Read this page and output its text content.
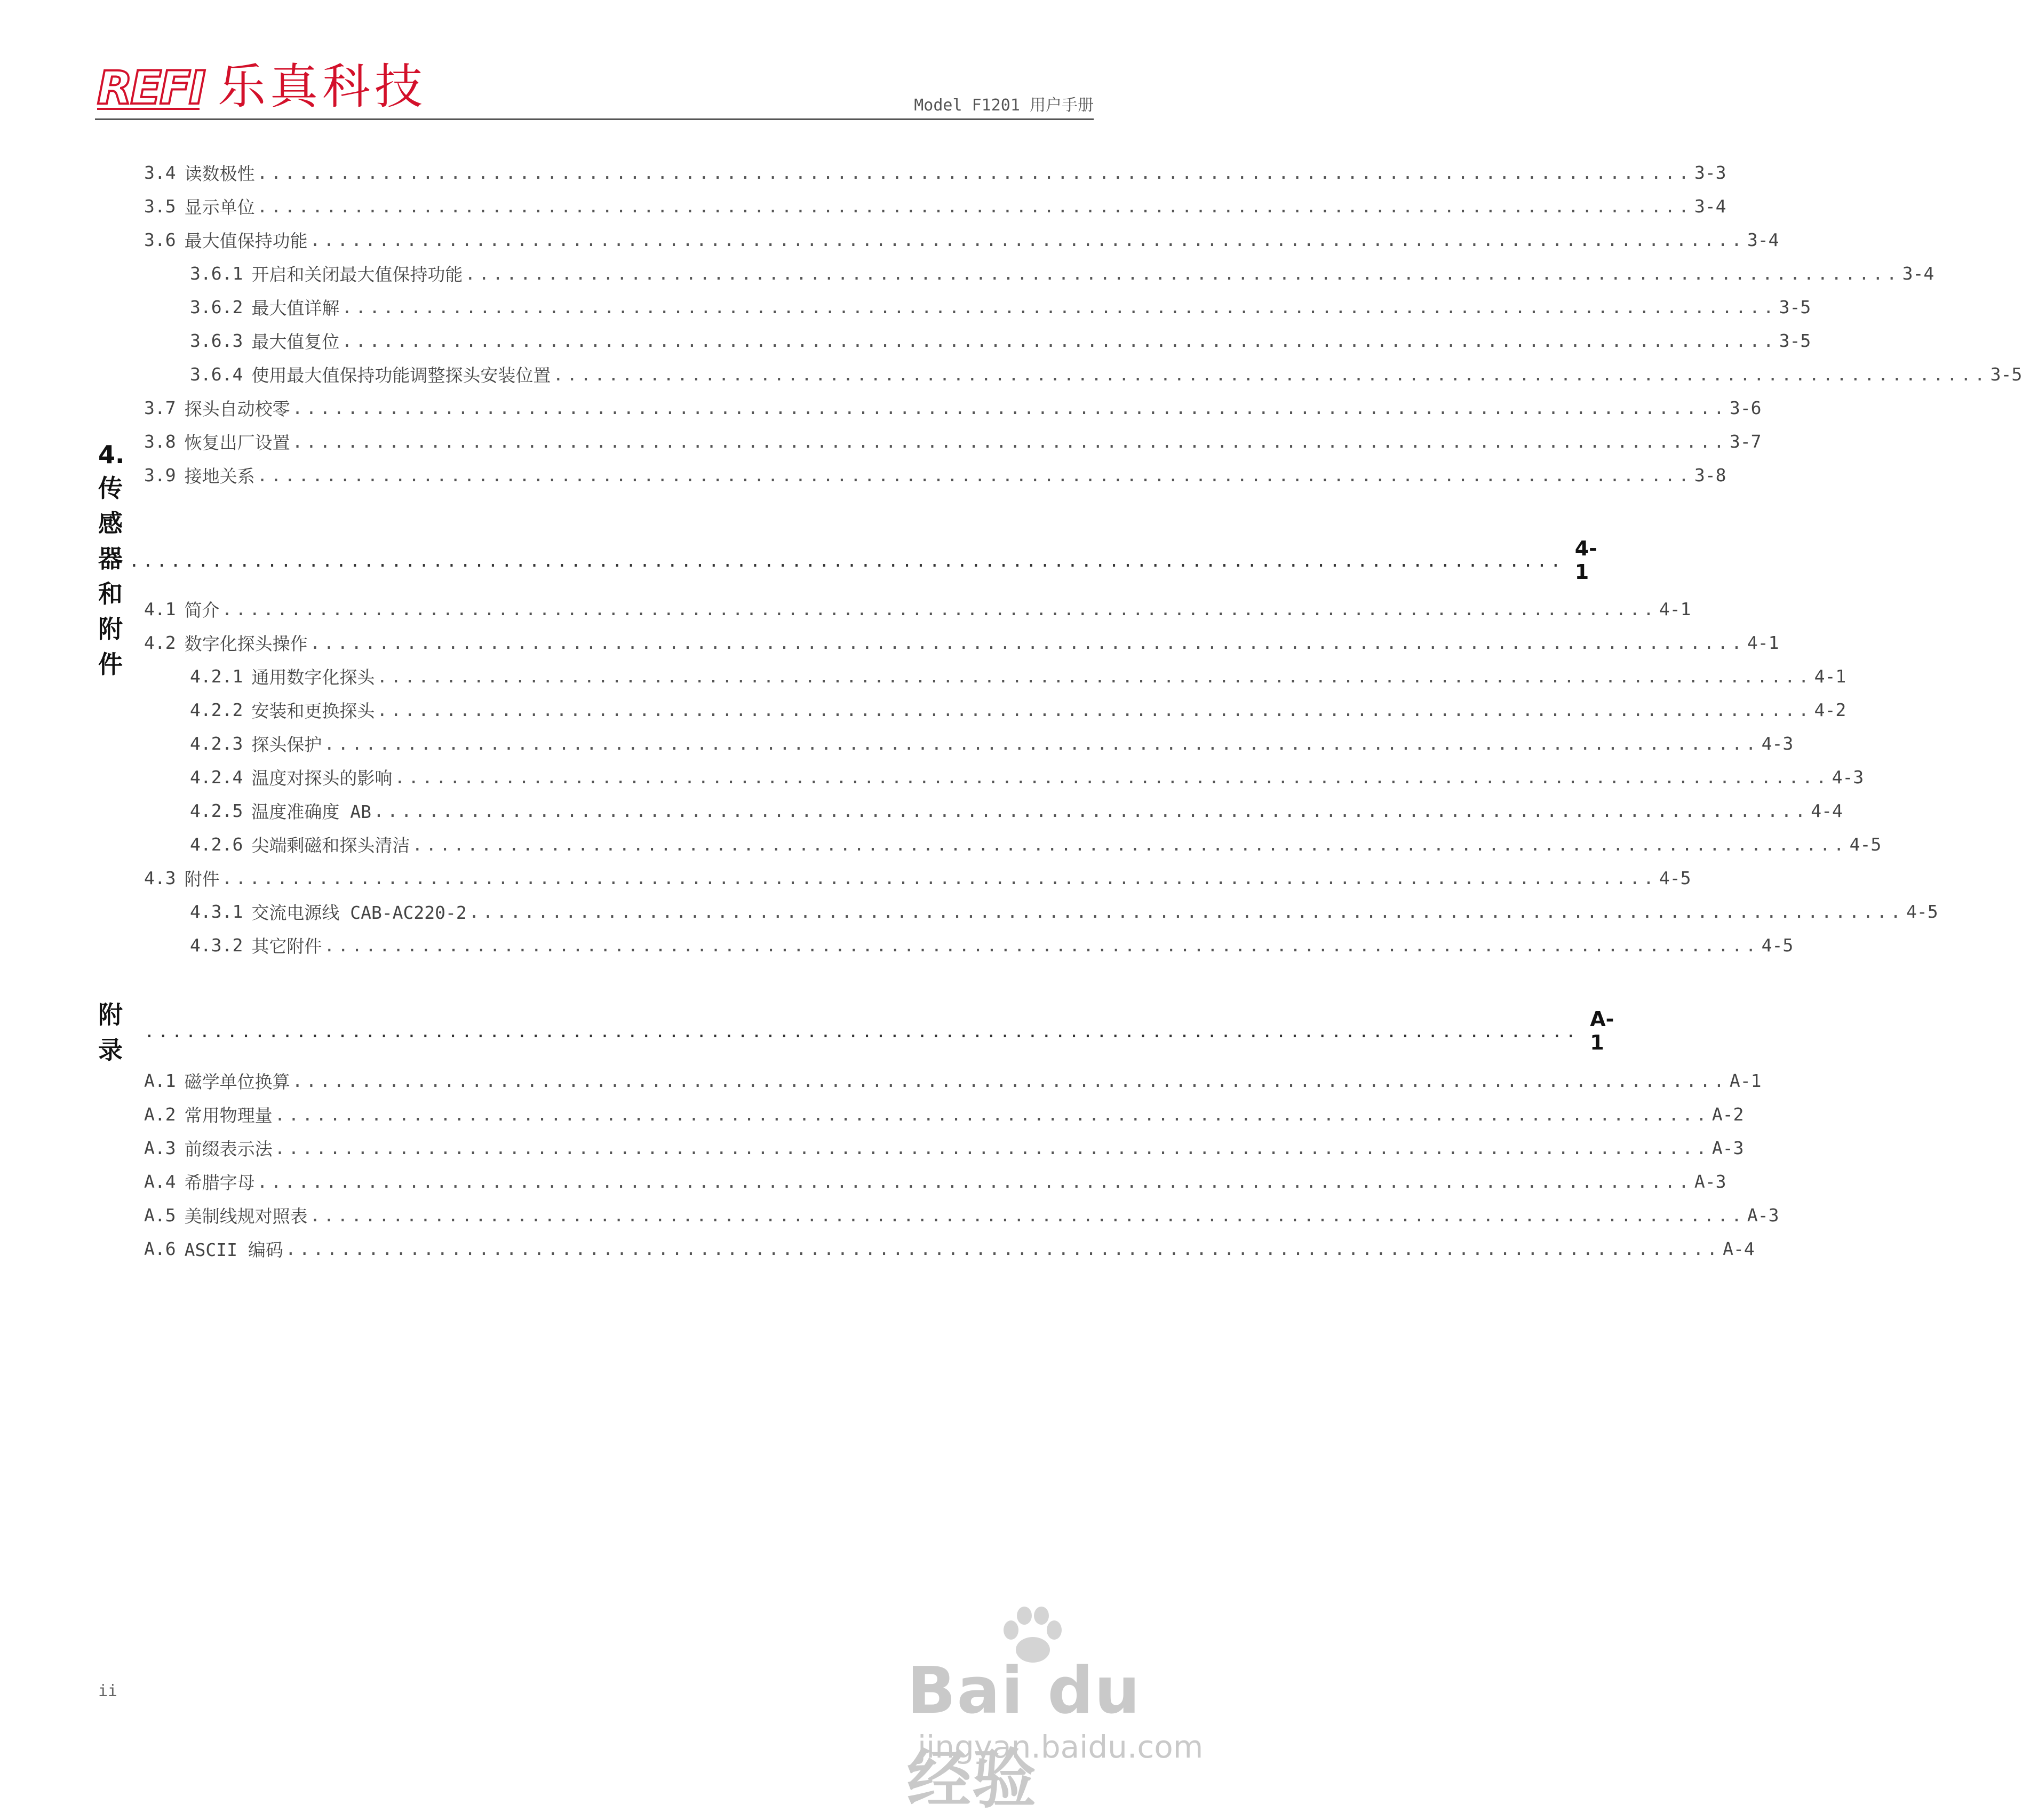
REFI 乐真科技	Model F1201 用户手册
3.4 读数极性 ........................................................................................................ 3-3
3.5 显示单位 ........................................................................................................ 3-4
3.6 最大值保持功能 ........................................................................................................ 3-4
3.6.1 开启和关闭最大值保持功能 ........................................................................................................ 3-4
3.6.2 最大值详解 ........................................................................................................ 3-5
3.6.3 最大值复位 ........................................................................................................ 3-5
3.6.4 使用最大值保持功能调整探头安装位置 ........................................................................................................ 3-5
3.7 探头自动校零 ........................................................................................................ 3-6
3.8 恢复出厂设置 ........................................................................................................ 3-7
3.9 接地关系 ........................................................................................................ 3-8
4. 传感器和附件
........................................................................................................ 4-1
4.1 简介 ........................................................................................................ 4-1
4.2 数字化探头操作 ........................................................................................................ 4-1
4.2.1 通用数字化探头 ........................................................................................................ 4-1
4.2.2 安装和更换探头 ........................................................................................................ 4-2
4.2.3 探头保护 ........................................................................................................ 4-3
4.2.4 温度对探头的影响 ........................................................................................................ 4-3
4.2.5 温度准确度 AB ........................................................................................................ 4-4
4.2.6 尖端剩磁和探头清洁 ........................................................................................................ 4-5
4.3 附件 ........................................................................................................ 4-5
4.3.1 交流电源线 CAB-AC220-2 ........................................................................................................ 4-5
4.3.2 其它附件 ........................................................................................................ 4-5
附录
........................................................................................................ A-1
A.1 磁学单位换算 ........................................................................................................ A-1
A.2 常用物理量 ........................................................................................................ A-2
A.3 前缀表示法 ........................................................................................................ A-3
A.4 希腊字母 ........................................................................................................ A-3
A.5 美制线规对照表 ........................................................................................................ A-3
A.6 ASCII 编码 ........................................................................................................ A-4
ii	Bai du 经验
jingyan.baidu.com
